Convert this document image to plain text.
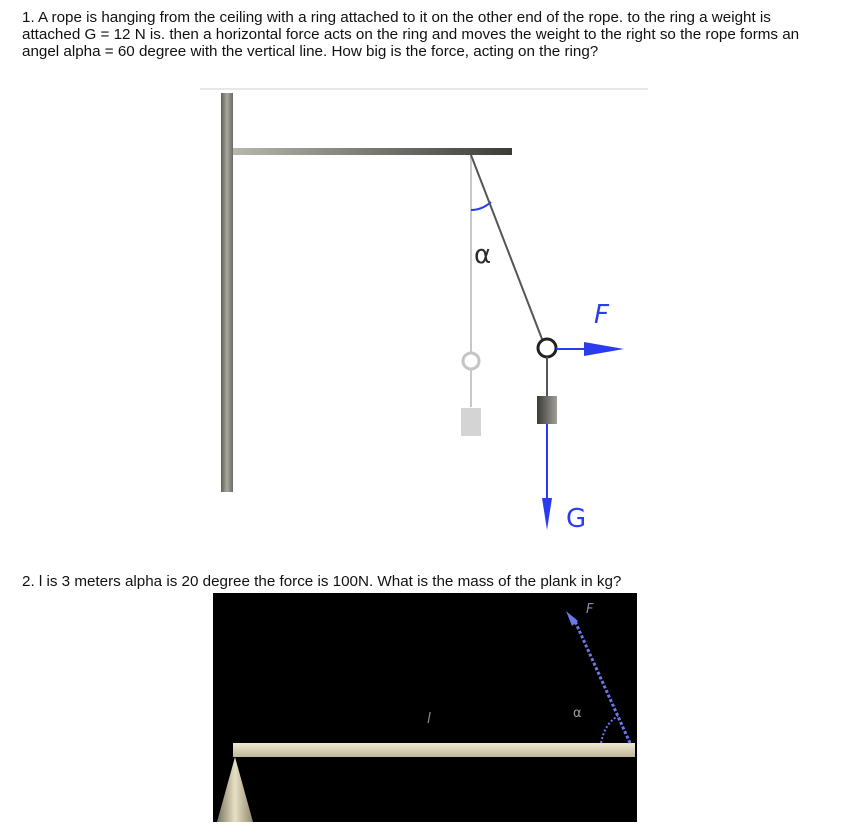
1. A rope is hanging from the ceiling with a ring attached to it on the other end of the rope. to the ring a weight is attached G = 12 N is. then a horizontal force acts on the ring and moves the weight to the right so the rope forms an angel alpha = 60 degree with the vertical line. How big is the force, acting on the ring?
α
F
G
2. l is 3 meters alpha is 20 degree the force is 100N. What is the mass of the plank in kg?
l
F
α
